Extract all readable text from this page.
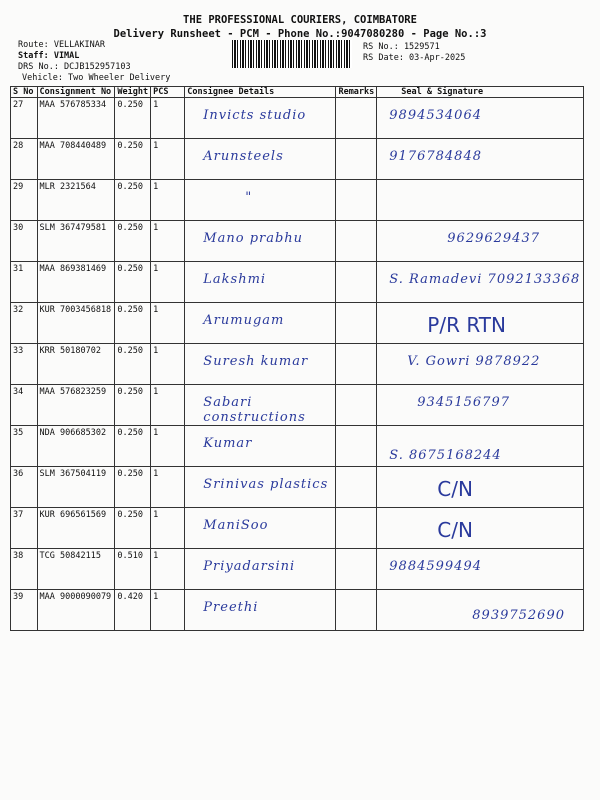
THE PROFESSIONAL COURIERS, COIMBATORE
Delivery Runsheet - PCM - Phone No.:9047080280 - Page No.:3
Route: VELLAKINAR
Staff: VIMAL
DRS No.: DCJB152957103
Vehicle: Two Wheeler Delivery
RS No.: 1529571
RS Date: 03-Apr-2025
S No	Consignment No	Weight	PCS	Consignee Details	Remarks	Seal & Signature
27	MAA 576785334	0.250	1	Invicts studio		9894534064

28	MAA 708440489	0.250	1	Arunsteels		9176784848

29	MLR 2321564	0.250	1	"		

30	SLM 367479581	0.250	1	Mano prabhu		9629629437

31	MAA 869381469	0.250	1	Lakshmi		S. Ramadevi 7092133368

32	KUR 7003456818	0.250	1	Arumugam		P/R RTN

33	KRR 50180702	0.250	1	Suresh kumar		V. Gowri 9878922

34	MAA 576823259	0.250	1	Sabari constructions		9345156797

35	NDA 906685302	0.250	1	Kumar		S. 8675168244

36	SLM 367504119	0.250	1	Srinivas plastics		C/N

37	KUR 696561569	0.250	1	ManiSoo		C/N

38	TCG 50842115	0.510	1	Priyadarsini		9884599494

39	MAA 9000090079	0.420	1	Preethi		8939752690
